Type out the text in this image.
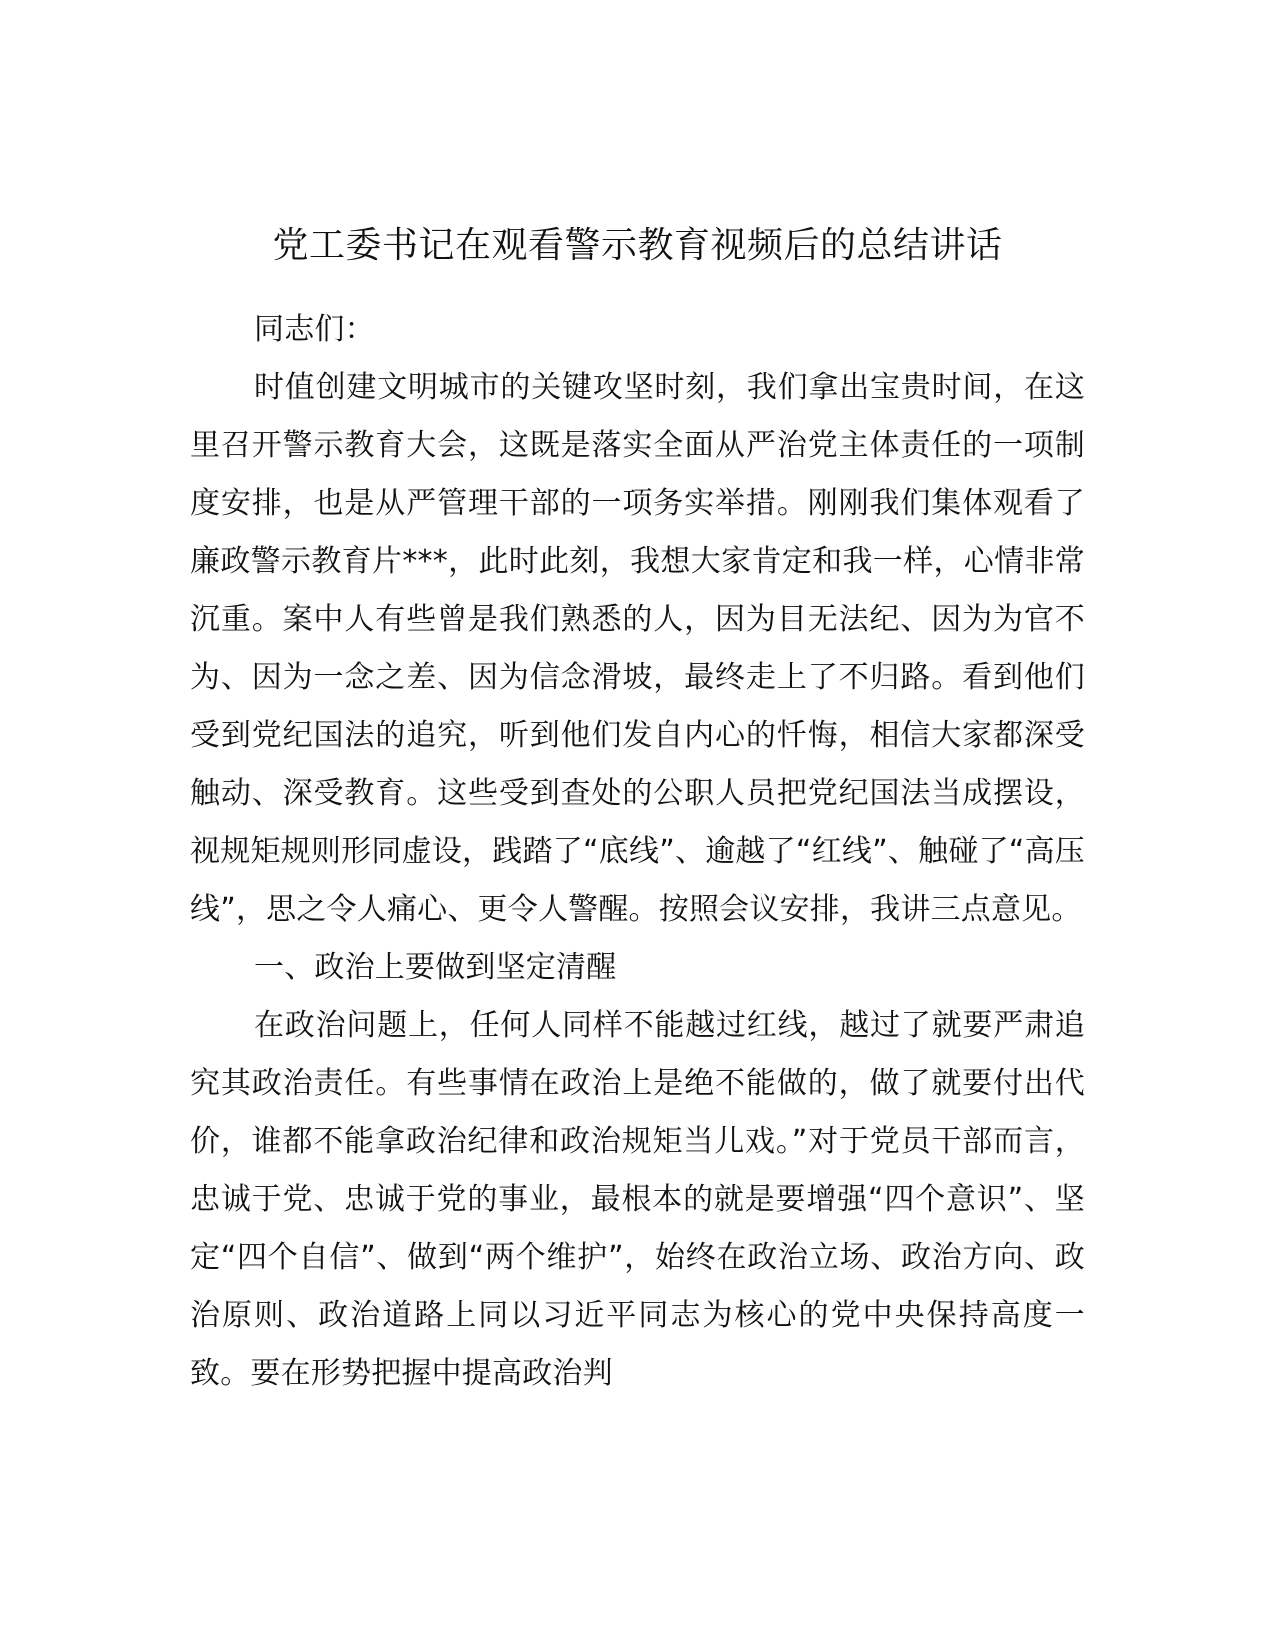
党工委书记在观看警示教育视频后的总结讲话

同志们：

时值创建文明城市的关键攻坚时刻，我们拿出宝贵时间，在这里召开警示教育大会，这既是落实全面从严治党主体责任的一项制度安排，也是从严管理干部的一项务实举措。刚刚我们集体观看了廉政警示教育片***，此时此刻，我想大家肯定和我一样，心情非常沉重。案中人有些曾是我们熟悉的人，因为目无法纪、因为为官不为、因为一念之差、因为信念滑坡，最终走上了不归路。看到他们受到党纪国法的追究，听到他们发自内心的忏悔，相信大家都深受触动、深受教育。这些受到查处的公职人员把党纪国法当成摆设，视规矩规则形同虚设，践踏了“底线”、逾越了“红线”、触碰了“高压线”，思之令人痛心、更令人警醒。按照会议安排，我讲三点意见。

一、政治上要做到坚定清醒

在政治问题上，任何人同样不能越过红线，越过了就要严肃追究其政治责任。有些事情在政治上是绝不能做的，做了就要付出代价，谁都不能拿政治纪律和政治规矩当儿戏。”对于党员干部而言，忠诚于党、忠诚于党的事业，最根本的就是要增强“四个意识”、坚定“四个自信”、做到“两个维护”，始终在政治立场、政治方向、政治原则、政治道路上同以习近平同志为核心的党中央保持高度一致。要在形势把握中提高政治判
